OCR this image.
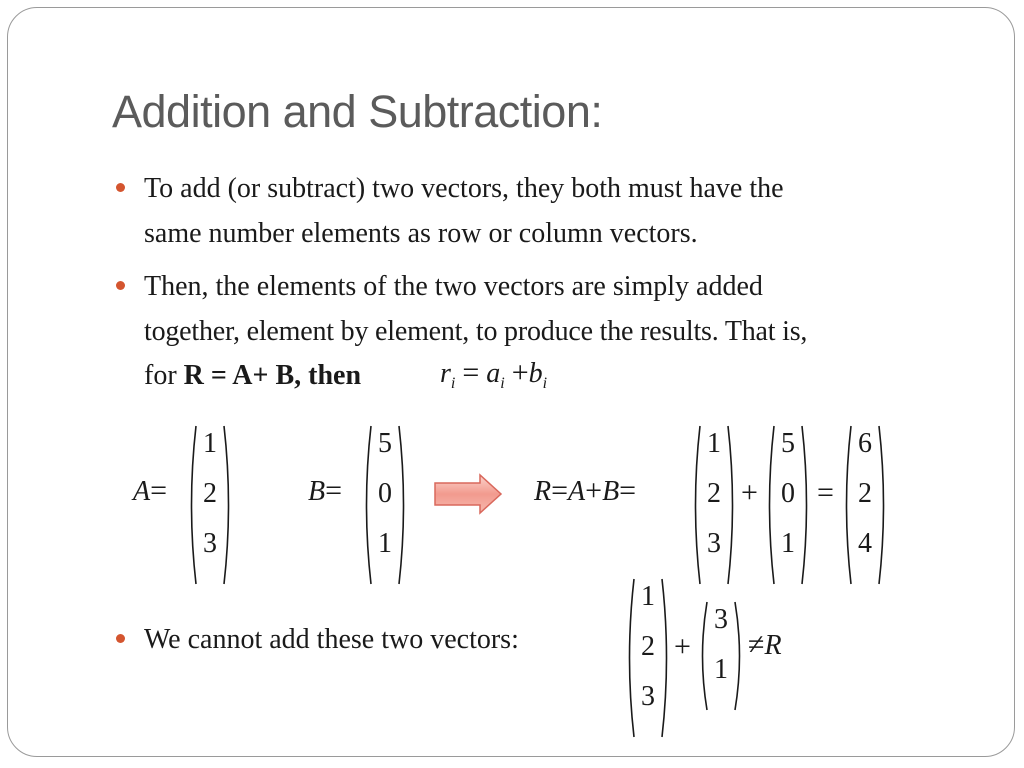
Addition and Subtraction:
To add (or subtract) two vectors, they both must have the
same number elements as row or column vectors.
Then, the elements of the two vectors are simply added
together, element by element, to produce the results. That is,
for R = A+ B, then	$r_i = a_i +b_i$
A=
1
2
3
B=
5
0
1
R=A+B=
1
2
3
+
5
0
1
=
6
2
4
We cannot add these two vectors:
1
2
3
+
3
1
≠R
